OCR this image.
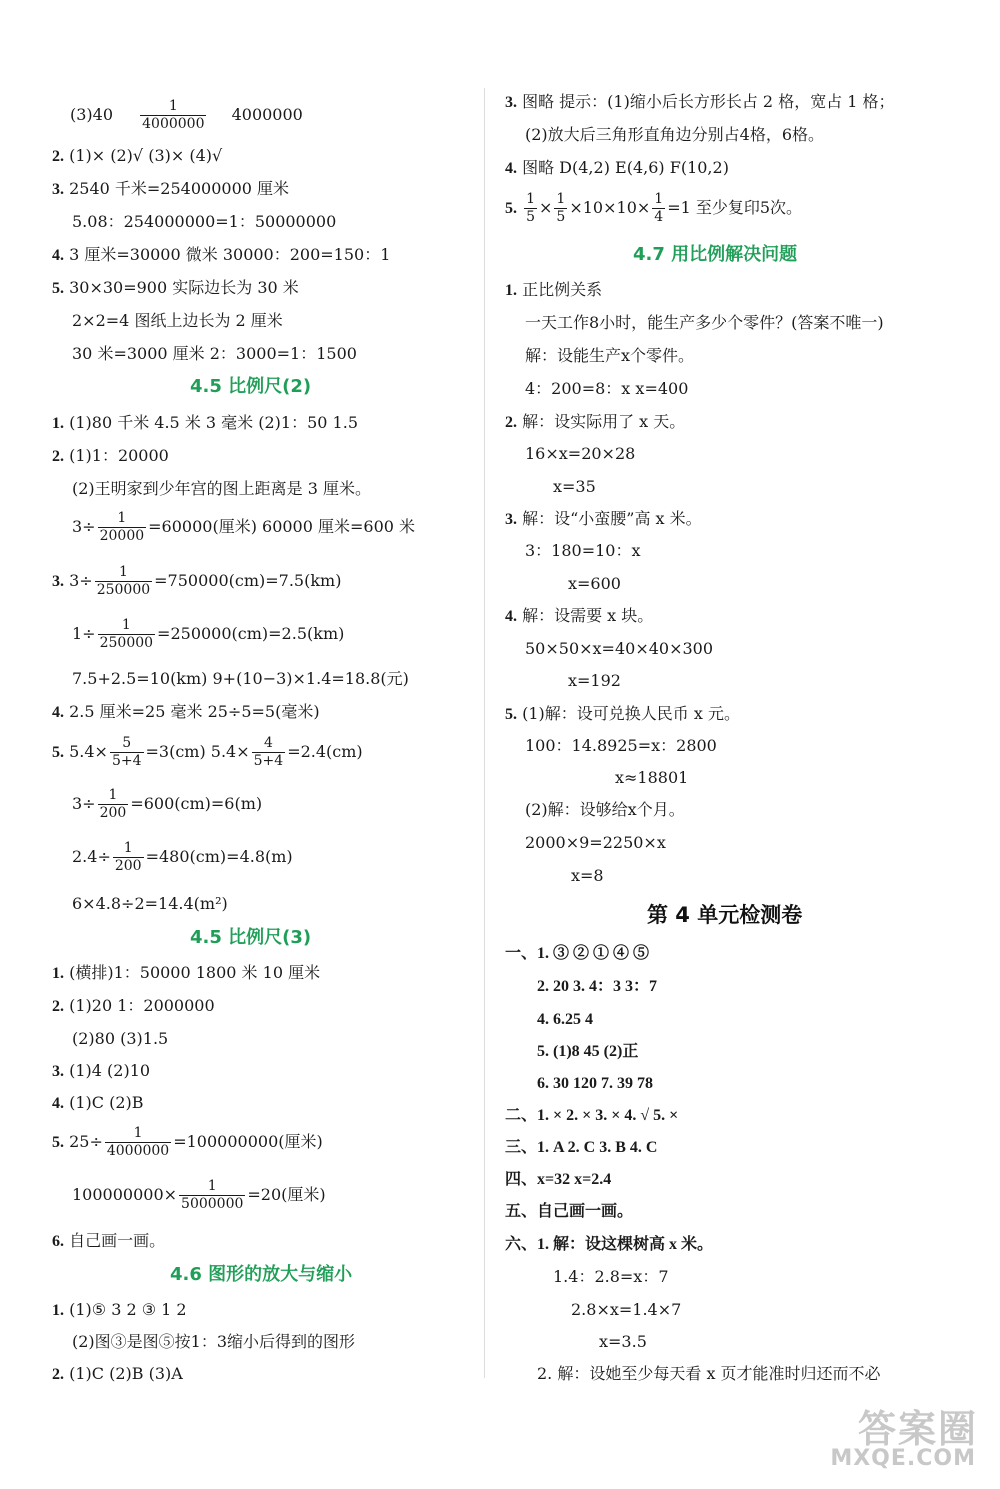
$(3)40 \frac{1}{4000000} 4000000$
2. (1)× (2)√ (3)× (4)√
3. 2540 千米=254000000 厘米
5.08：254000000=1：50000000
4. 3 厘米=30000 微米 30000：200=150：1
5. 30×30=900 实际边长为 30 米
2×2=4 图纸上边长为 2 厘米
30 米=3000 厘米 2：3000=1：1500
4.5 比例尺(2)
1. (1)80 千米 4.5 米 3 毫米 (2)1：50 1.5
2. (1)1：20000
(2)王明家到少年宫的图上距离是 3 厘米。
$3\div \frac{1}{20000} =60000$(厘米) 60000 厘米=600 米
3. $3\div \frac{1}{250000} =750000(cm)=7.5(km)$
$1\div \frac{1}{250000} =250000(cm)=2.5(km)$
7.5+2.5=10(km) 9+(10−3)×1.4=18.8(元)
4. 2.5 厘米=25 毫米 25÷5=5(毫米)
5. $5.4\times \frac{5}{5+4} =3(cm)$ $5.4\times \frac{4}{5+4} =2.4(cm)$
$3\div \frac{1}{200} =600(cm)=6(m)$
$2.4\div \frac{1}{200} =480(cm)=4.8(m)$
6×4.8÷2=14.4(m²)
4.5 比例尺(3)
1. (横排)1：50000 1800 米 10 厘米
2. (1)20 1：2000000
(2)80 (3)1.5
3. (1)4 (2)10
4. (1)C (2)B
5. $25\div \frac{1}{4000000} =100000000$(厘米)
$100000000\times \frac{1}{5000000} =20$(厘米)
6. 自己画一画。
4.6 图形的放大与缩小
1. (1)⑤ 3 2 ③ 1 2
(2)图③是图⑤按1：3缩小后得到的图形
2. (1)C (2)B (3)A
3. 图略 提示：(1)缩小后长方形长占 2 格，宽占 1 格；
(2)放大后三角形直角边分别占4格，6格。
4. 图略 D(4,2) E(4,6) F(10,2)
5. $\frac{1}{5} \times \frac{1}{5} \times 10\times 10\times \frac{1}{4} =1$ 至少复印5次。
4.7 用比例解决问题
1. 正比例关系
一天工作8小时，能生产多少个零件？(答案不唯一)
解：设能生产x个零件。
4：200=8：x x=400
2. 解：设实际用了 x 天。
16×x=20×28
x=35
3. 解：设“小蛮腰”高 x 米。
3：180=10：x
x=600
4. 解：设需要 x 块。
50×50×x=40×40×300
x=192
5. (1)解：设可兑换人民币 x 元。
100：14.8925=x：2800
x≈18801
(2)解：设够给x个月。
2000×9=2250×x
x=8
第 4 单元检测卷
一、1. ③ ② ① ④ ⑤
2. 20 3. 4：3 3：7
4. 6.25 4
5. (1)8 45 (2)正
6. 30 120 7. 39 78
二、1. × 2. × 3. × 4. √ 5. ×
三、1. A 2. C 3. B 4. C
四、x=32 x=2.4
五、自己画一画。
六、1. 解：设这棵树高 x 米。
1.4：2.8=x：7
2.8×x=1.4×7
x=3.5
2. 解：设她至少每天看 x 页才能准时归还而不必
答案圈
MXQE.COM
